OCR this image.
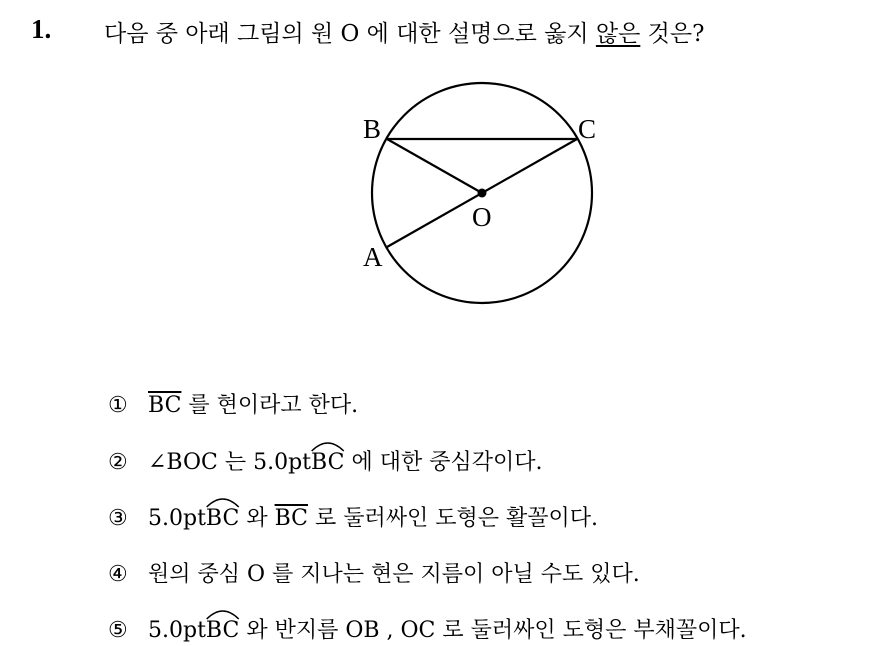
1. 다음 중 아래 그림의 원 O 에 대한 설명으로 옳지 않은 것은?
B	C
O
A
① $\overline{BC}$ 를 현이라고 한다.
② ∠BOC 는 5.0ptBC
에 대한 중심각이다.
③ 5.0ptBC
와 $\overline{BC}$ 로 둘러싸인 도형은 활꼴이다.
④ 원의 중심 O 를 지나는 현은 지름이 아닐 수도 있다.
⑤ 5.0ptBC
와 반지름 OB , OC 로 둘러싸인 도형은 부채꼴이다.
